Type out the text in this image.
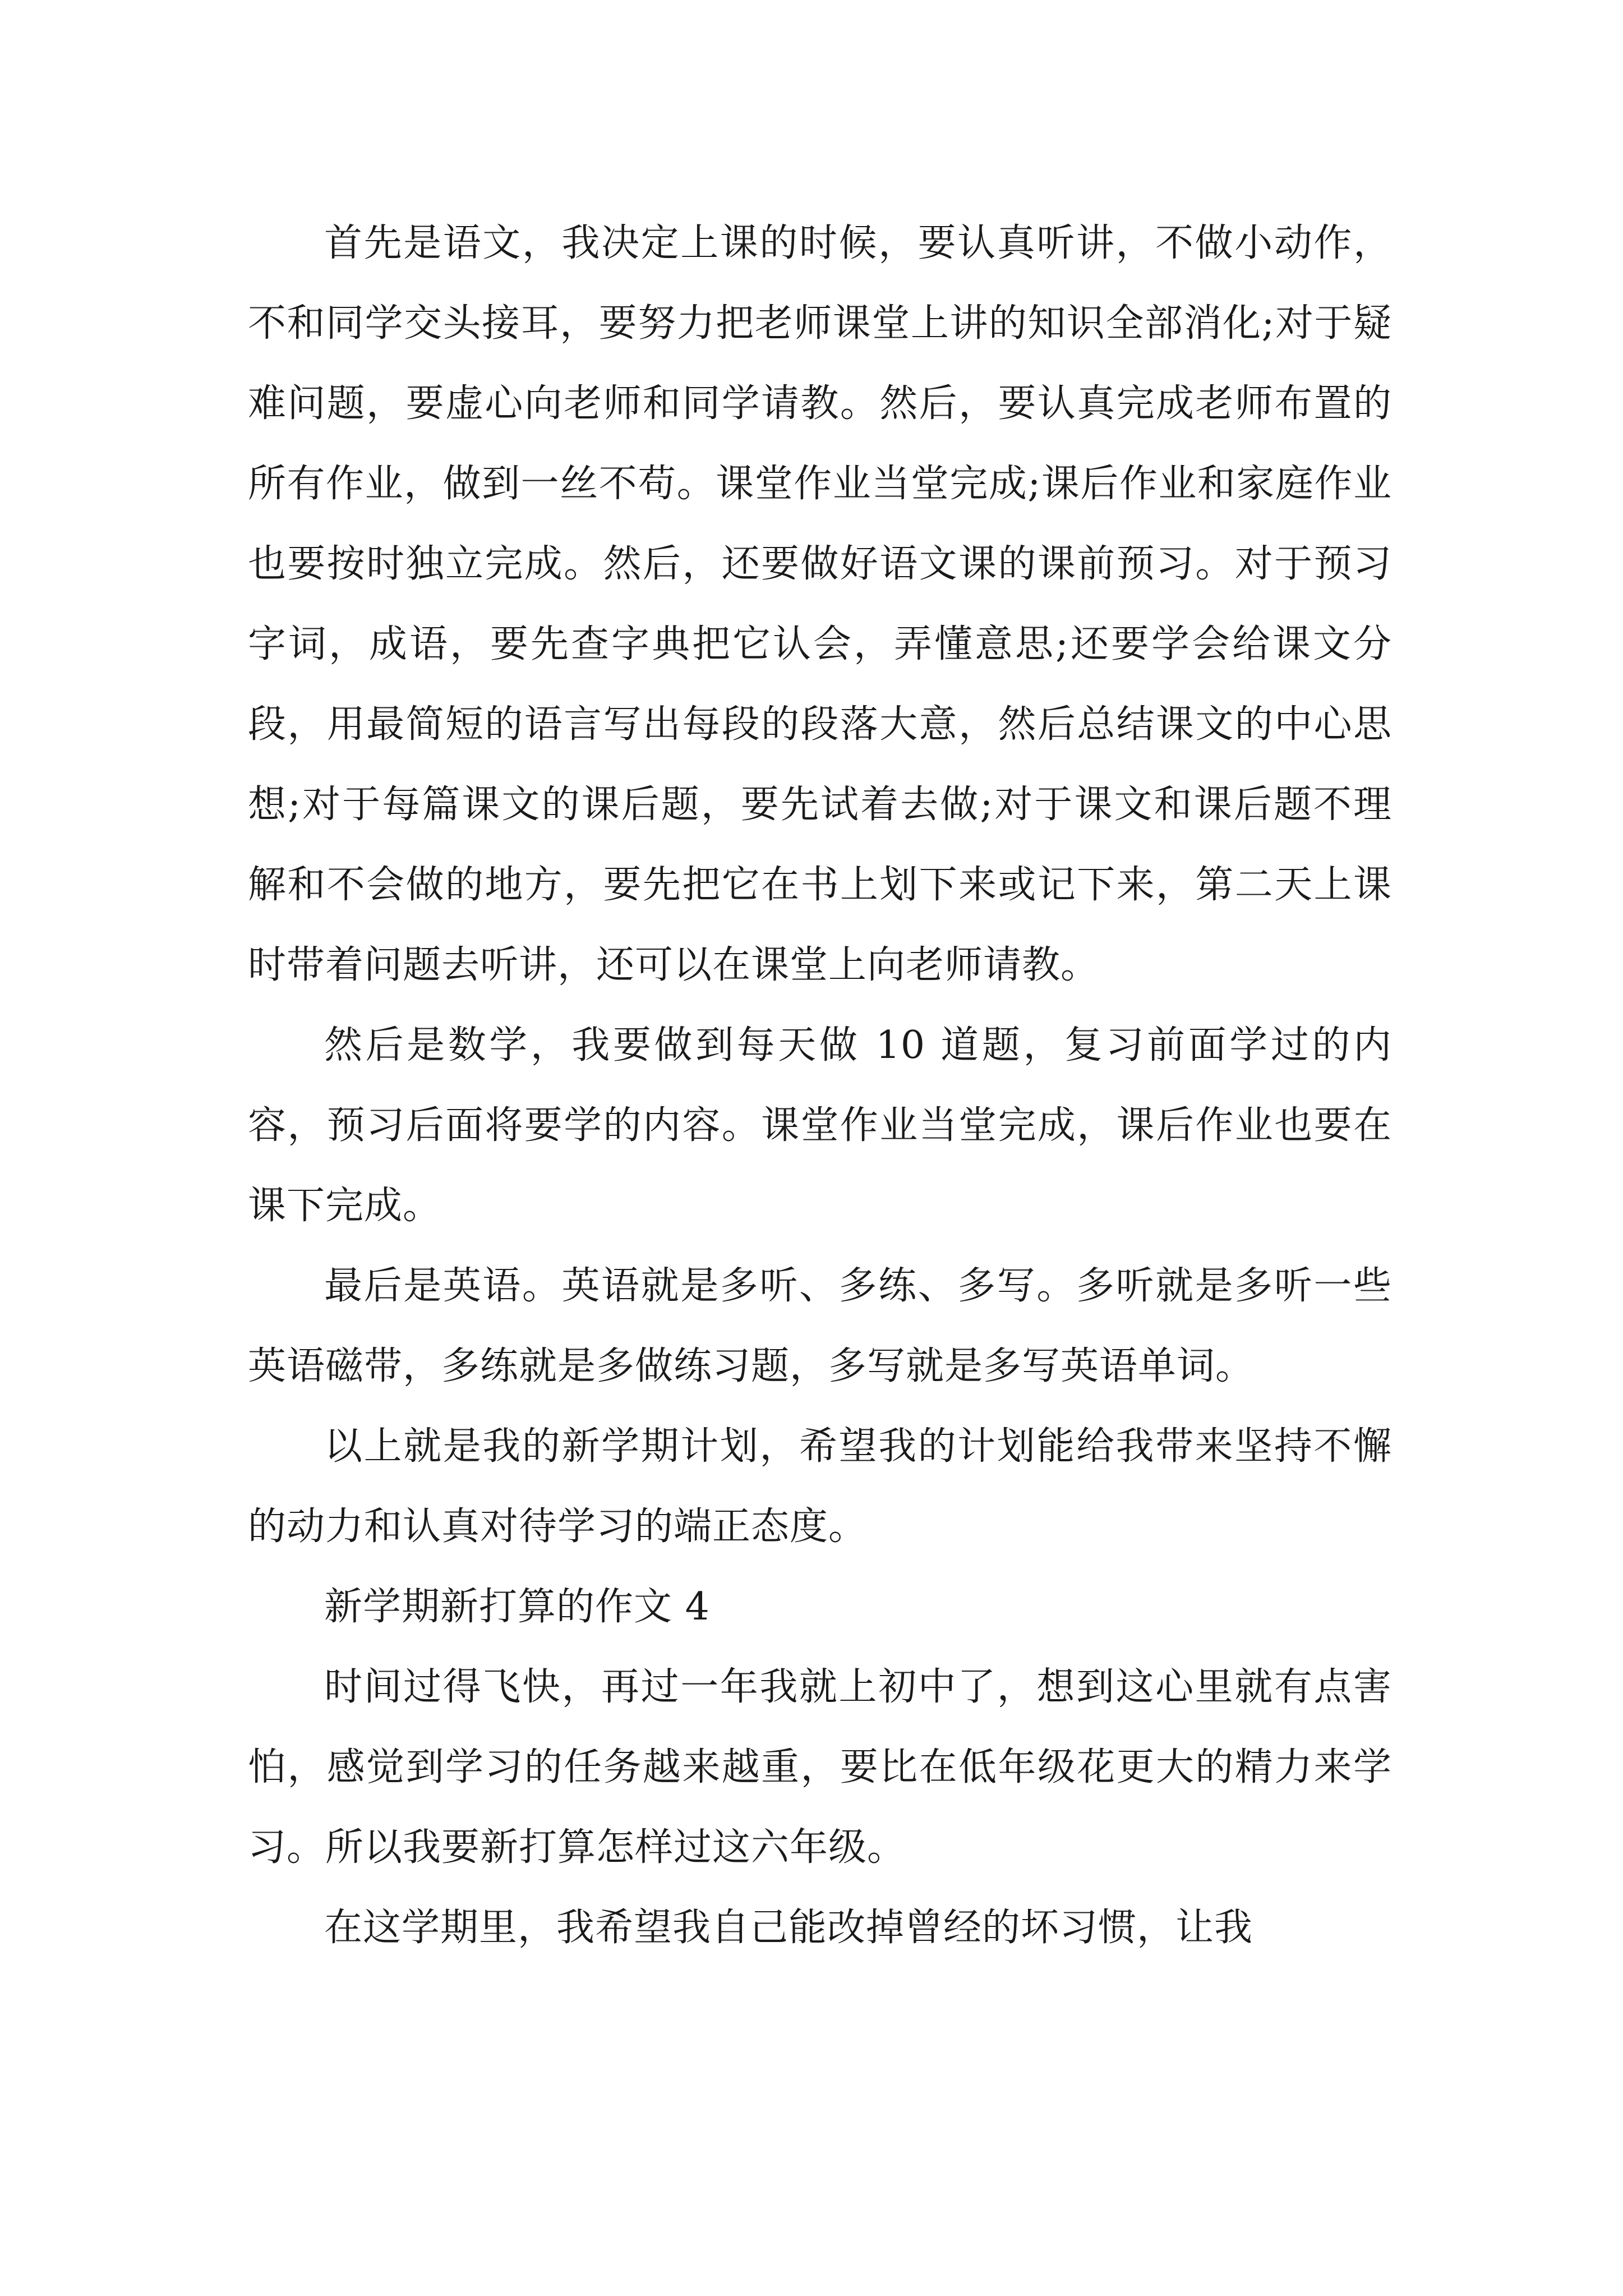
首先是语文，我决定上课的时候，要认真听讲，不做小动作，不和同学交头接耳，要努力把老师课堂上讲的知识全部消化;对于疑难问题，要虚心向老师和同学请教。然后，要认真完成老师布置的所有作业，做到一丝不苟。课堂作业当堂完成;课后作业和家庭作业也要按时独立完成。然后，还要做好语文课的课前预习。对于预习字词，成语，要先查字典把它认会，弄懂意思;还要学会给课文分段，用最简短的语言写出每段的段落大意，然后总结课文的中心思想;对于每篇课文的课后题，要先试着去做;对于课文和课后题不理解和不会做的地方，要先把它在书上划下来或记下来，第二天上课时带着问题去听讲，还可以在课堂上向老师请教。

然后是数学，我要做到每天做 10 道题，复习前面学过的内容，预习后面将要学的内容。课堂作业当堂完成，课后作业也要在课下完成。

最后是英语。英语就是多听、多练、多写。多听就是多听一些英语磁带，多练就是多做练习题，多写就是多写英语单词。

以上就是我的新学期计划，希望我的计划能给我带来坚持不懈的动力和认真对待学习的端正态度。

新学期新打算的作文 4

时间过得飞快，再过一年我就上初中了，想到这心里就有点害怕，感觉到学习的任务越来越重，要比在低年级花更大的精力来学习。所以我要新打算怎样过这六年级。

在这学期里，我希望我自己能改掉曾经的坏习惯，让我
